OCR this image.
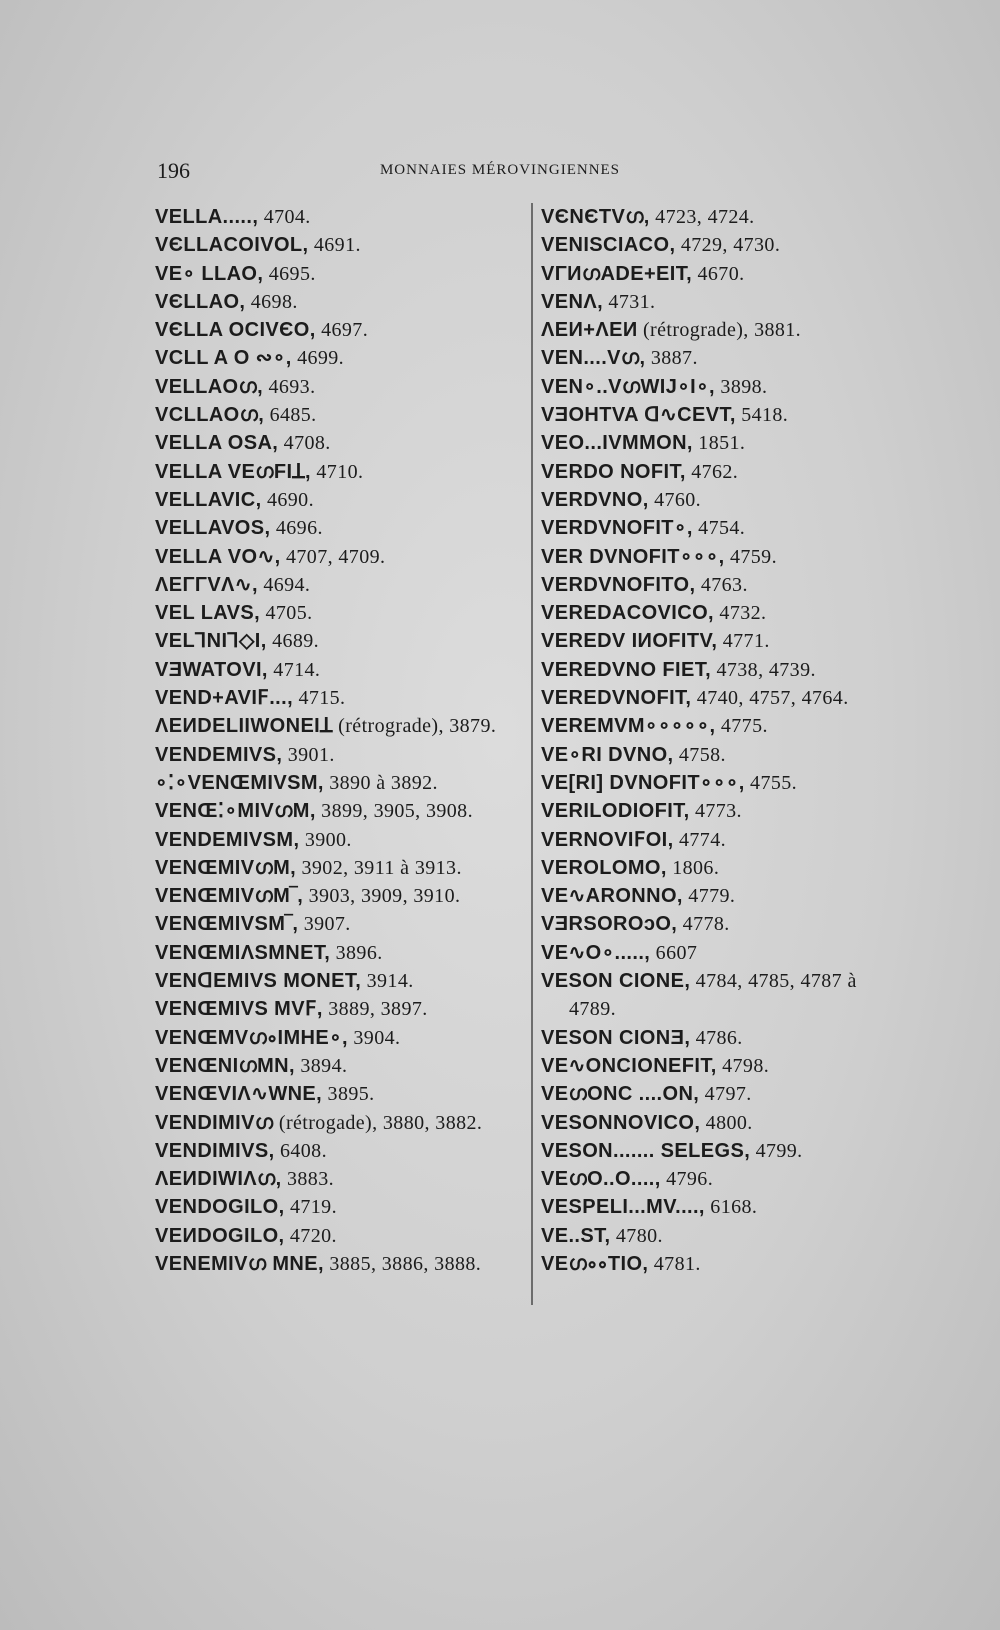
196	MONNAIES MÉROVINGIENNES
VELLA....., 4704.
VЄLLACOIVOL, 4691.
VE∘ LLAO, 4695.
VЄLLAO, 4698.
VЄLLA OCIVЄO, 4697.
VCLL A O ∾∘, 4699.
VELLAOഗ, 4693.
VCLLAOഗ, 6485.
VELLA OSA, 4708.
VELLA VEഗFIꓕ, 4710.
VELLAVIC, 4690.
VELLAVOS, 4696.
VELLA VO∿, 4707, 4709.
ΛEΓΓVΛ∿, 4694.
VEL LAVS, 4705.
VELꓶNIꓶ◇I, 4689.
VƎWATOVI, 4714.
VEND+AVIꓝ..., 4715.
ΛEИDELIIWONEIꓕ (rétrograde), 3879.
VENDEMIVS, 3901.
∘⁚∘VENŒMIVSM, 3890 à 3892.
VENŒ⁚∘MIVഗM, 3899, 3905, 3908.
VENDEMIVSM, 3900.
VENŒMIVഗM, 3902, 3911 à 3913.
VENŒMIVഗM‾, 3903, 3909, 3910.
VENŒMIVSM‾, 3907.
VENŒMIΛSMNET, 3896.
VENᗡEMIVS MONET, 3914.
VENŒMIVS MVꓝ, 3889, 3897.
VENŒMVഗ∘IMHE∘, 3904.
VENŒNIഗMN, 3894.
VENŒVIΛ∿WNE, 3895.
VENDIMIVഗ (rétrogade), 3880, 3882.
VENDIMIVS, 6408.
ΛEИDIWIΛഗ, 3883.
VENDOGILO, 4719.
VEИDOGILO, 4720.
VENEMIVഗ MNE, 3885, 3886, 3888.
VЄNЄTVഗ, 4723, 4724.
VENISCIACO, 4729, 4730.
VΓИഗADE+EIT, 4670.
VENΛ, 4731.
ΛEИ+ΛEИ (rétrograde), 3881.
VEN....Vഗ, 3887.
VEN∘..VഗWIJ∘I∘, 3898.
VƎOHTVA ᗡ∿CEVT, 5418.
VEO...IVMMON, 1851.
VERDO NOFIT, 4762.
VERDVNO, 4760.
VERDVNOFIT∘, 4754.
VER DVNOFIT∘∘∘, 4759.
VERDVNOFITO, 4763.
VEREDACOVICO, 4732.
VEREDV IИOFITV, 4771.
VEREDVNO FIET, 4738, 4739.
VEREDVNOFIT, 4740, 4757, 4764.
VEREMVM∘∘∘∘∘, 4775.
VE∘RI DVNO, 4758.
VE[RI] DVNOFIT∘∘∘, 4755.
VERILODIOFIT, 4773.
VERNOVIꓝOI, 4774.
VEROLOMO, 1806.
VE∿ARONNO, 4779.
VƎRSOROᴐO, 4778.
VE∿O∘....., 6607
VESON CIONE, 4784, 4785, 4787 à
4789.
VESON CIONƎ, 4786.
VE∿ONCIONEFIT, 4798.
VEഗONC ....ON, 4797.
VESONNOVICO, 4800.
VESON....... SELEGS, 4799.
VEഗO..O...., 4796.
VESPELI...MV...., 6168.
VE..ST, 4780.
VEഗ∘∘TIO, 4781.
